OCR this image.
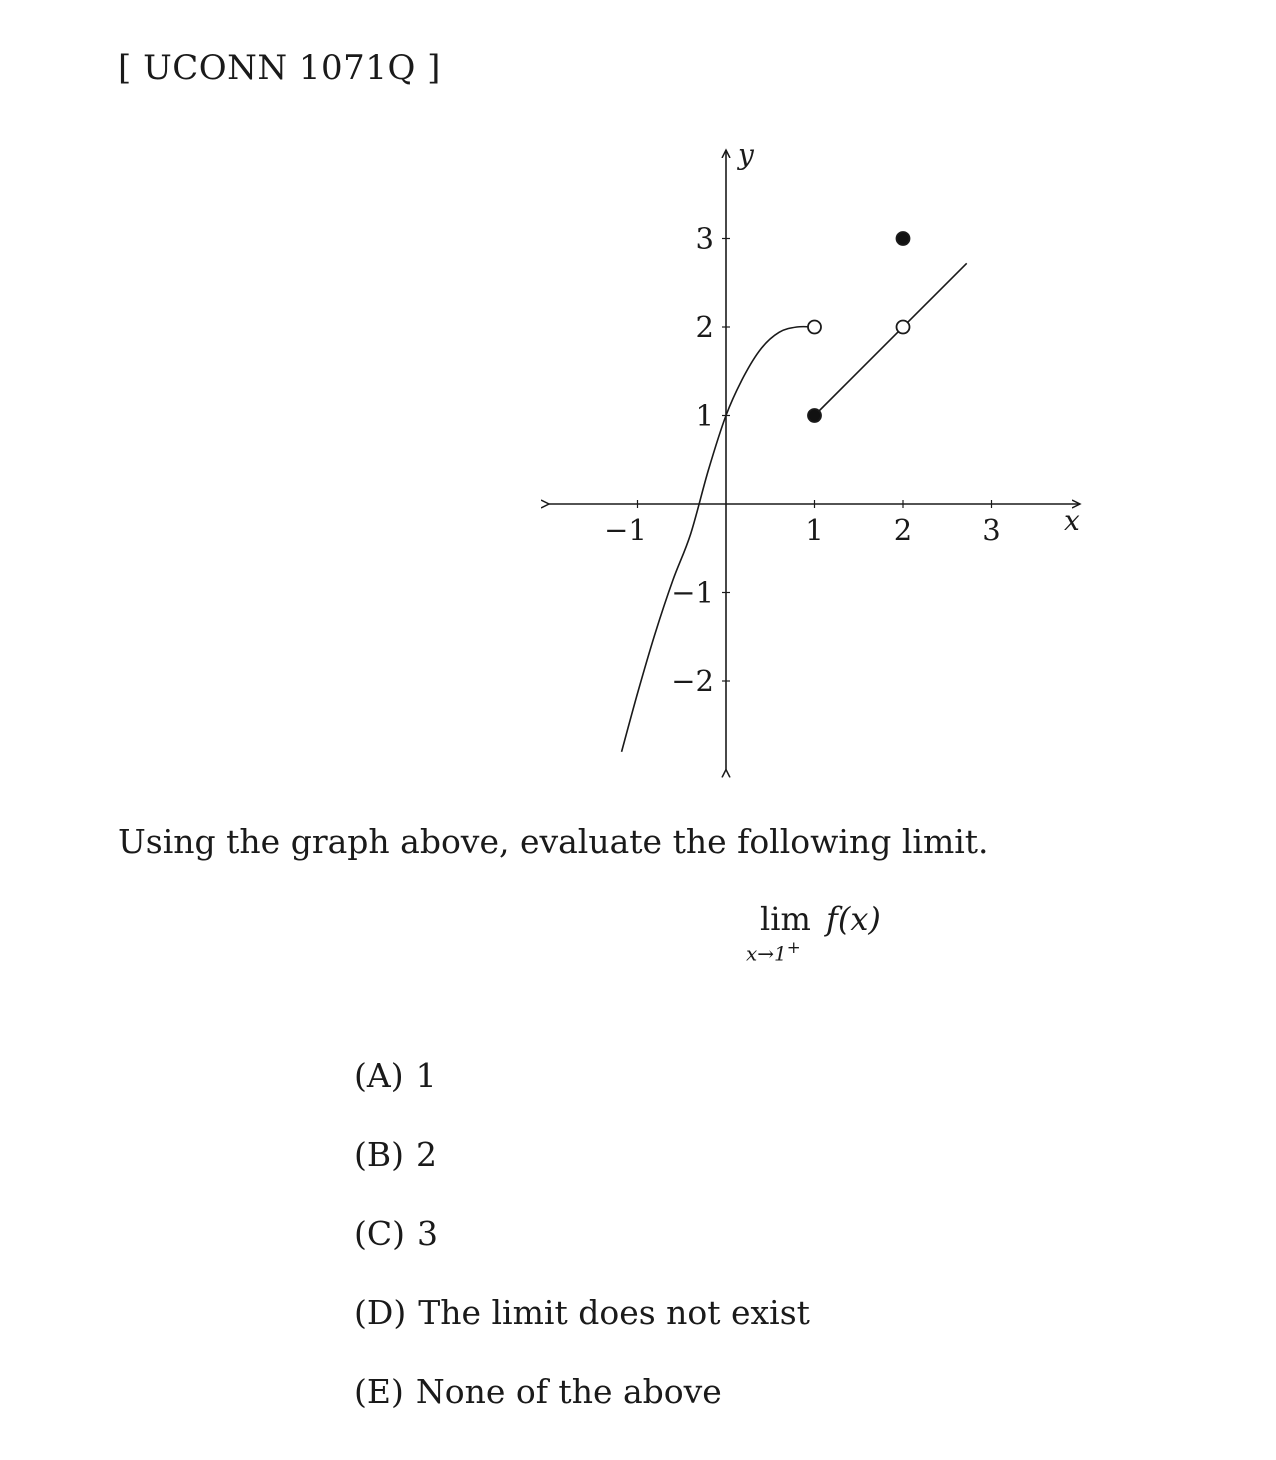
[ UCONN 1071Q ]
x
y
−1	1 2 3
3
2
1
−1
−2
Using the graph above, evaluate the following limit.
lim
x→1+
f(x)
(A) 1
(B) 2
(C) 3
(D) The limit does not exist
(E) None of the above
